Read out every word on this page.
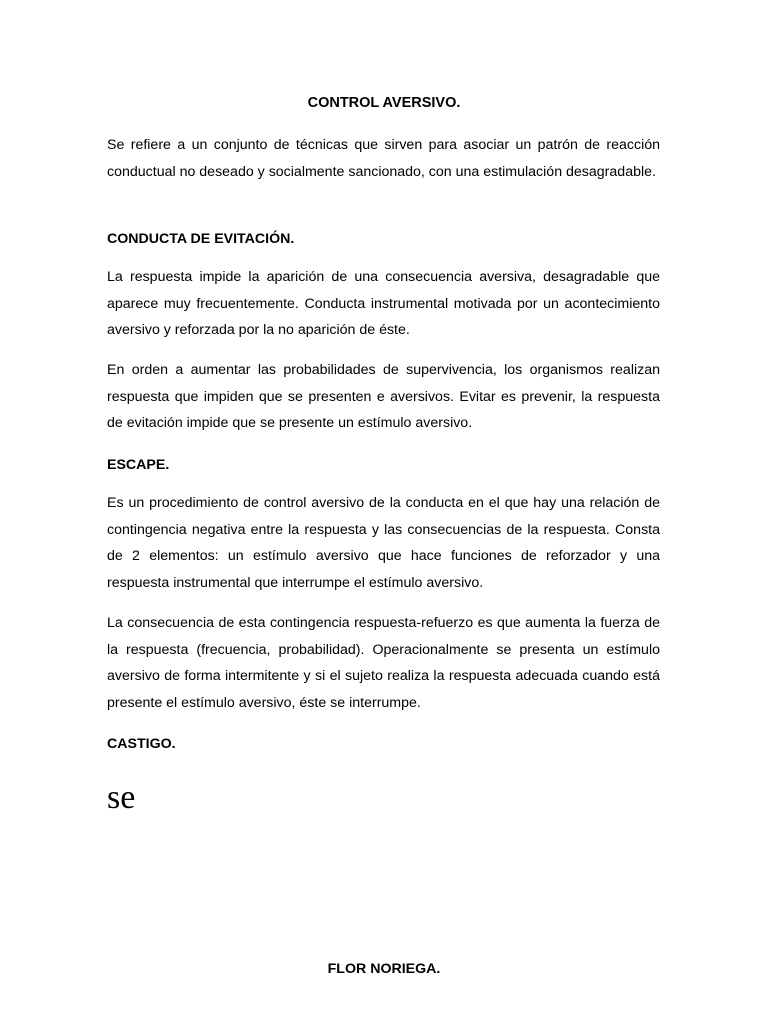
CONTROL AVERSIVO.
Se refiere a un conjunto de técnicas que sirven para asociar un patrón de reacción conductual no deseado y socialmente sancionado, con una estimulación desagradable.
CONDUCTA DE EVITACIÓN.
La respuesta impide la aparición de una consecuencia aversiva, desagradable que aparece muy frecuentemente. Conducta instrumental motivada por un acontecimiento aversivo y reforzada por la no aparición de éste.
En orden a aumentar las probabilidades de supervivencia, los organismos realizan respuesta que impiden que se presenten e aversivos. Evitar es prevenir, la respuesta de evitación impide que se presente un estímulo aversivo.
ESCAPE.
Es un procedimiento de control aversivo de la conducta en el que hay una relación de contingencia negativa entre la respuesta y las consecuencias de la respuesta. Consta de 2 elementos: un estímulo aversivo que hace funciones de reforzador y una respuesta instrumental que interrumpe el estímulo aversivo.
La consecuencia de esta contingencia respuesta-refuerzo es que aumenta la fuerza de la respuesta (frecuencia, probabilidad). Operacionalmente se presenta un estímulo aversivo de forma intermitente y si el sujeto realiza la respuesta adecuada cuando está presente el estímulo aversivo, éste se interrumpe.
CASTIGO.
se
FLOR NORIEGA.
